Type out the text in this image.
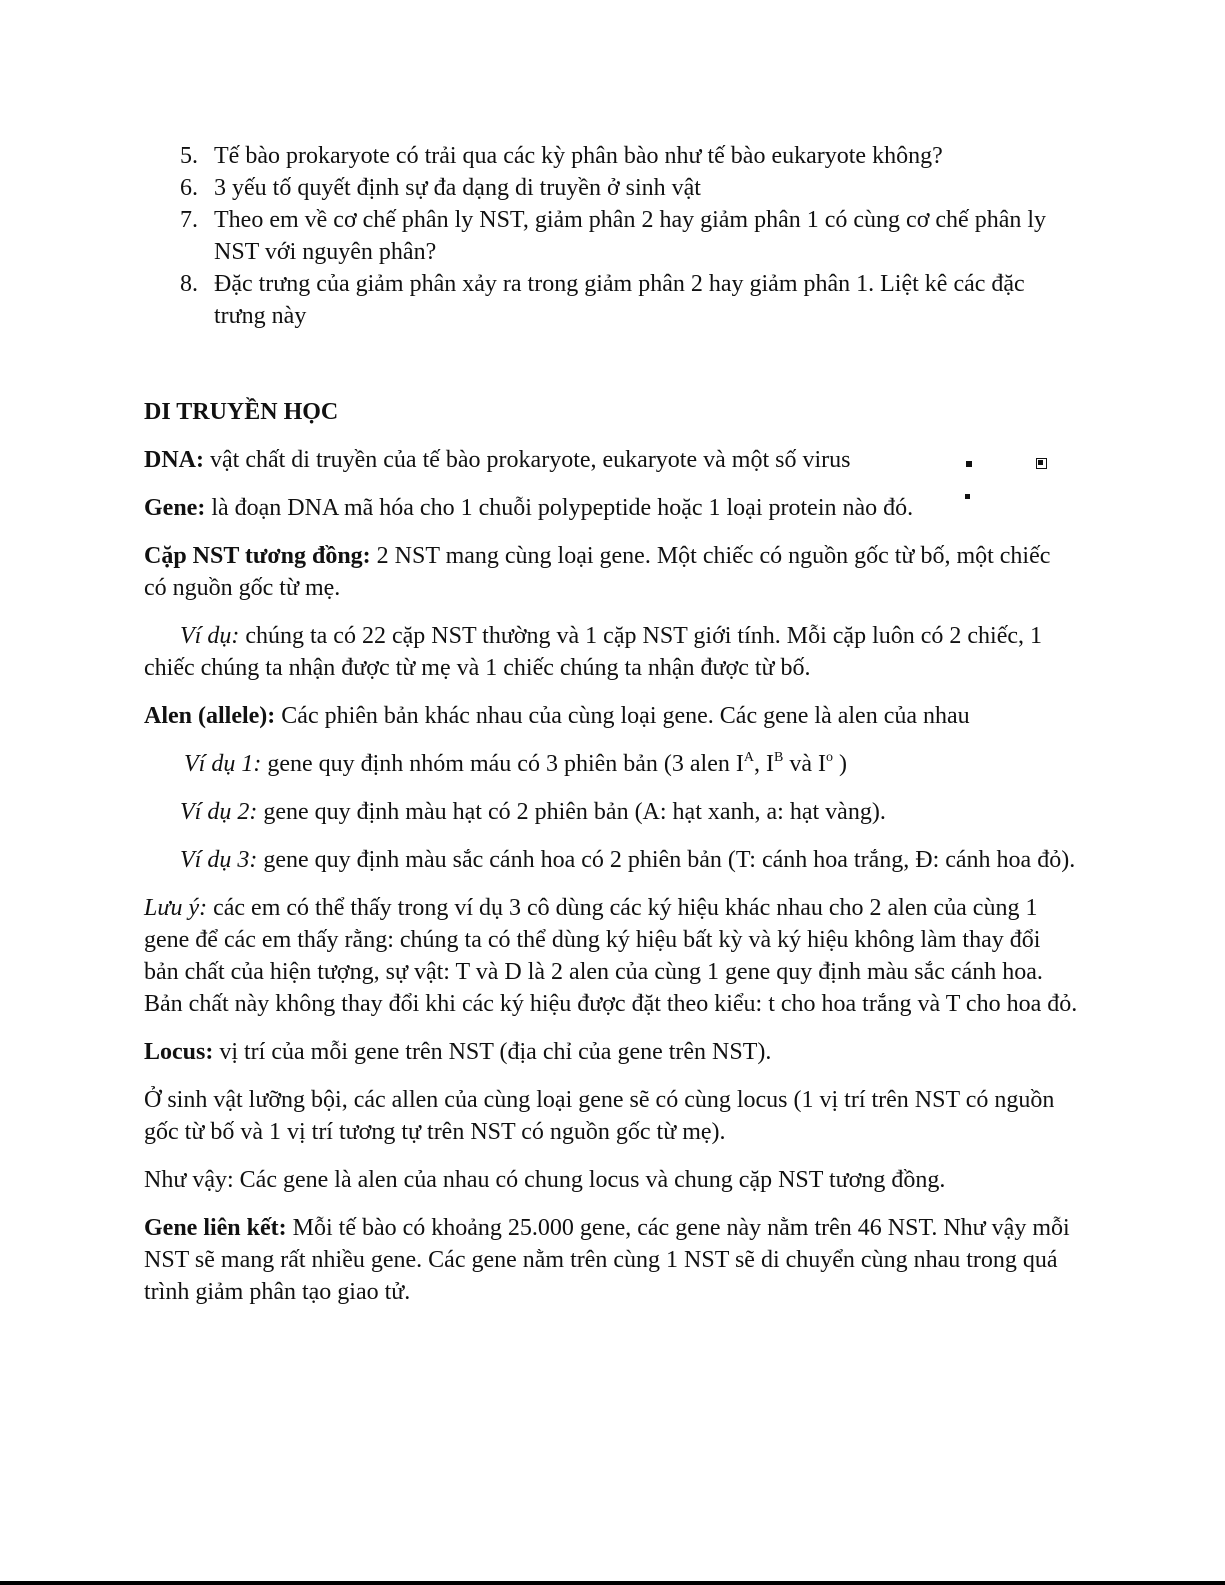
5. Tế bào prokaryote có trải qua các kỳ phân bào như tế bào eukaryote không?
6. 3 yếu tố quyết định sự đa dạng di truyền ở sinh vật
7. Theo em về cơ chế phân ly NST, giảm phân 2 hay giảm phân 1 có cùng cơ chế phân ly NST với nguyên phân?
8. Đặc trưng của giảm phân xảy ra trong giảm phân 2 hay giảm phân 1. Liệt kê các đặc trưng này
DI TRUYỀN HỌC

DNA: vật chất di truyền của tế bào prokaryote, eukaryote và một số virus

Gene: là đoạn DNA mã hóa cho 1 chuỗi polypeptide hoặc 1 loại protein nào đó.

Cặp NST tương đồng: 2 NST mang cùng loại gene. Một chiếc có nguồn gốc từ bố, một chiếc có nguồn gốc từ mẹ.

Ví dụ: chúng ta có 22 cặp NST thường và 1 cặp NST giới tính. Mỗi cặp luôn có 2 chiếc, 1 chiếc chúng ta nhận được từ mẹ và 1 chiếc chúng ta nhận được từ bố.

Alen (allele): Các phiên bản khác nhau của cùng loại gene. Các gene là alen của nhau

Ví dụ 1: gene quy định nhóm máu có 3 phiên bản (3 alen $I^A$, $I^B$ và $I^o$ )

Ví dụ 2: gene quy định màu hạt có 2 phiên bản (A: hạt xanh, a: hạt vàng).

Ví dụ 3: gene quy định màu sắc cánh hoa có 2 phiên bản (T: cánh hoa trắng, Đ: cánh hoa đỏ).

Lưu ý: các em có thể thấy trong ví dụ 3 cô dùng các ký hiệu khác nhau cho 2 alen của cùng 1 gene để các em thấy rằng: chúng ta có thể dùng ký hiệu bất kỳ và ký hiệu không làm thay đổi bản chất của hiện tượng, sự vật: T và D là 2 alen của cùng 1 gene quy định màu sắc cánh hoa. Bản chất này không thay đổi khi các ký hiệu được đặt theo kiểu: t cho hoa trắng và T cho hoa đỏ.

Locus: vị trí của mỗi gene trên NST (địa chỉ của gene trên NST).

Ở sinh vật lưỡng bội, các allen của cùng loại gene sẽ có cùng locus (1 vị trí trên NST có nguồn gốc từ bố và 1 vị trí tương tự trên NST có nguồn gốc từ mẹ).

Như vậy: Các gene là alen của nhau có chung locus và chung cặp NST tương đồng.

Gene liên kết: Mỗi tế bào có khoảng 25.000 gene, các gene này nằm trên 46 NST. Như vậy mỗi NST sẽ mang rất nhiều gene. Các gene nằm trên cùng 1 NST sẽ di chuyển cùng nhau trong quá trình giảm phân tạo giao tử.
